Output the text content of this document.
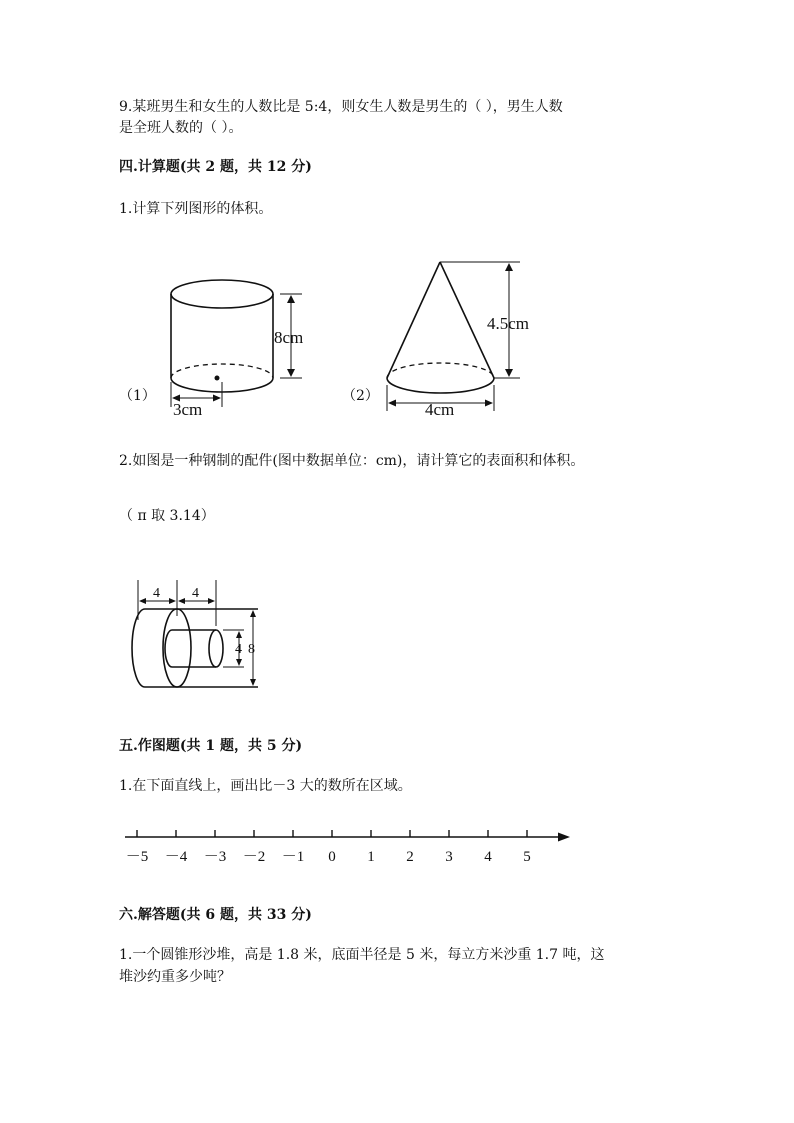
9.某班男生和女生的人数比是 5:4，则女生人数是男生的（ ），男生人数
是全班人数的（ ）。
四.计算题(共 2 题，共 12 分)
1.计算下列图形的体积。
8cm
3cm
（1）
4.5cm
4cm
（2）
2.如图是一种钢制的配件(图中数据单位：cm)，请计算它的表面积和体积。
（ π 取 3.14）
4 4
4 8
五.作图题(共 1 题，共 5 分)
1.在下面直线上，画出比－3 大的数所在区域。
－5 －4 －3 －2 －1 0 1 2 3 4 5
六.解答题(共 6 题，共 33 分)
1.一个圆锥形沙堆，高是 1.8 米，底面半径是 5 米，每立方米沙重 1.7 吨，这
堆沙约重多少吨？
